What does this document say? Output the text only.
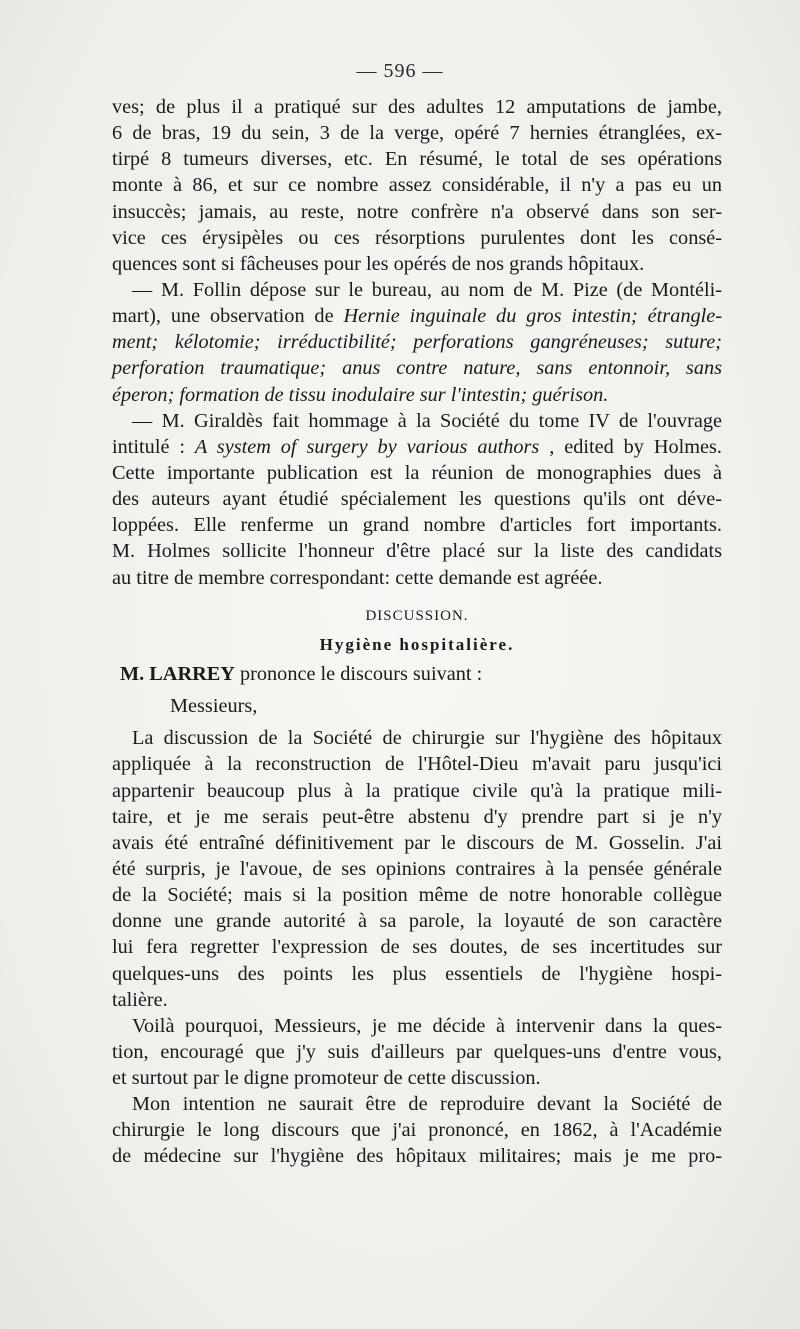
— 596 —
ves; de plus il a pratiqué sur des adultes 12 amputations de jambe,
6 de bras, 19 du sein, 3 de la verge, opéré 7 hernies étranglées, ex-
tirpé 8 tumeurs diverses, etc. En résumé, le total de ses opérations
monte à 86, et sur ce nombre assez considérable, il n'y a pas eu un
insuccès; jamais, au reste, notre confrère n'a observé dans son ser-
vice ces érysipèles ou ces résorptions purulentes dont les consé-
quences sont si fâcheuses pour les opérés de nos grands hôpitaux.
— M. Follin dépose sur le bureau, au nom de M. Pize (de Montéli-
mart), une observation de Hernie inguinale du gros intestin; étrangle-
ment; kélotomie; irréductibilité; perforations gangréneuses; suture;
perforation traumatique; anus contre nature, sans entonnoir, sans
éperon; formation de tissu inodulaire sur l'intestin; guérison.
— M. Giraldès fait hommage à la Société du tome IV de l'ouvrage
intitulé : A system of surgery by various authors , edited by Holmes.
Cette importante publication est la réunion de monographies dues à
des auteurs ayant étudié spécialement les questions qu'ils ont déve-
loppées. Elle renferme un grand nombre d'articles fort importants.
M. Holmes sollicite l'honneur d'être placé sur la liste des candidats
au titre de membre correspondant: cette demande est agréée.
DISCUSSION.
Hygiène hospitalière.
M. LARREY prononce le discours suivant :
Messieurs,
La discussion de la Société de chirurgie sur l'hygiène des hôpitaux
appliquée à la reconstruction de l'Hôtel-Dieu m'avait paru jusqu'ici
appartenir beaucoup plus à la pratique civile qu'à la pratique mili-
taire, et je me serais peut-être abstenu d'y prendre part si je n'y
avais été entraîné définitivement par le discours de M. Gosselin. J'ai
été surpris, je l'avoue, de ses opinions contraires à la pensée générale
de la Société; mais si la position même de notre honorable collègue
donne une grande autorité à sa parole, la loyauté de son caractère
lui fera regretter l'expression de ses doutes, de ses incertitudes sur
quelques-uns des points les plus essentiels de l'hygiène hospi-
talière.
Voilà pourquoi, Messieurs, je me décide à intervenir dans la ques-
tion, encouragé que j'y suis d'ailleurs par quelques-uns d'entre vous,
et surtout par le digne promoteur de cette discussion.
Mon intention ne saurait être de reproduire devant la Société de
chirurgie le long discours que j'ai prononcé, en 1862, à l'Académie
de médecine sur l'hygiène des hôpitaux militaires; mais je me pro-
